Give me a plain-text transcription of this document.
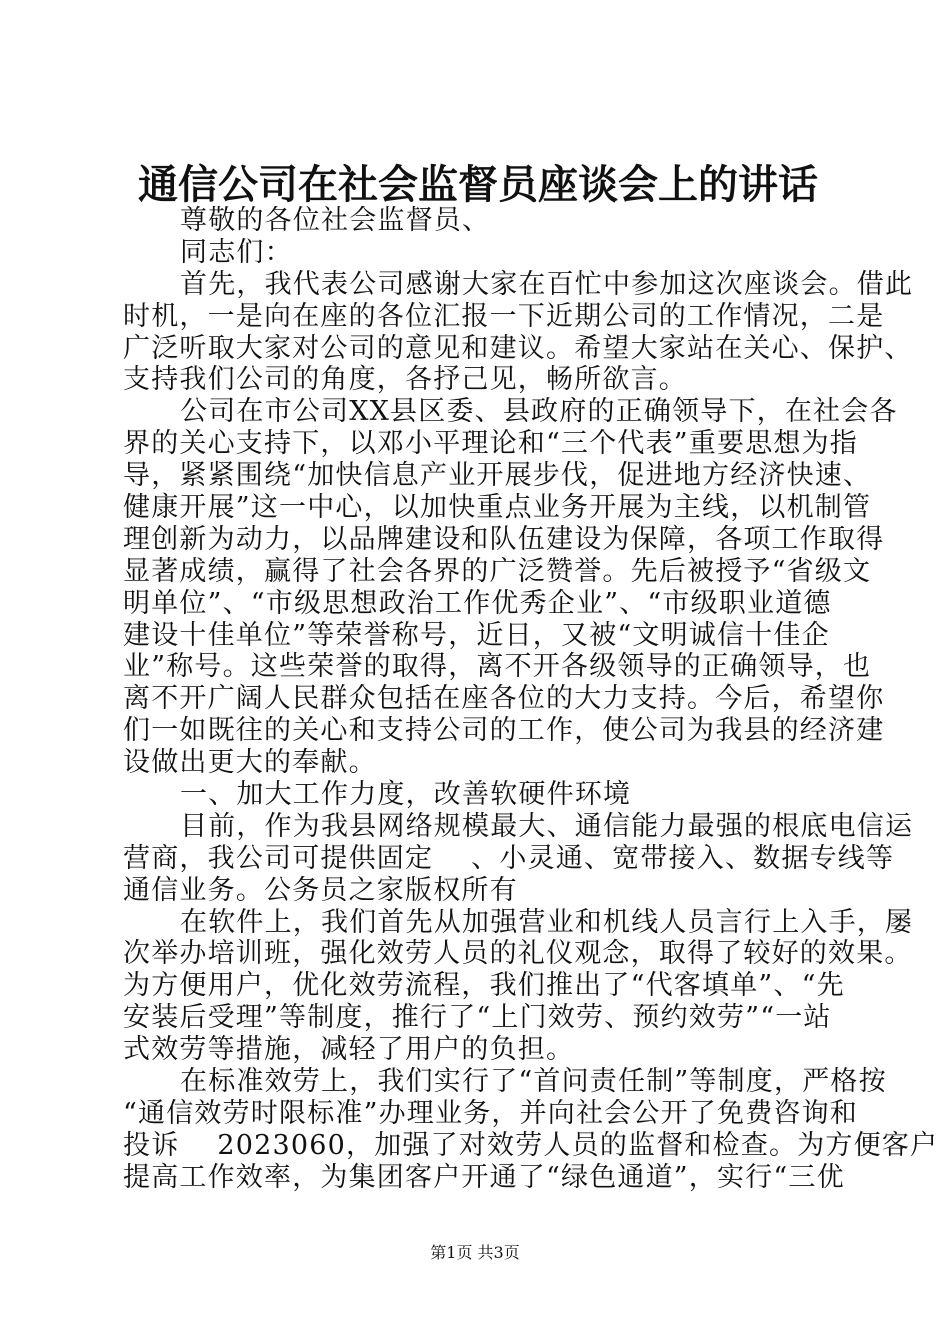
通信公司在社会监督员座谈会上的讲话
尊敬的各位社会监督员、
同志们：
首先，我代表公司感谢大家在百忙中参加这次座谈会。借此
时机，一是向在座的各位汇报一下近期公司的工作情况，二是
广泛听取大家对公司的意见和建议。希望大家站在关心、保护、
支持我们公司的角度，各抒己见，畅所欲言。
公司在市公司XX县区委、县政府的正确领导下，在社会各
界的关心支持下，以邓小平理论和“三个代表”重要思想为指
导，紧紧围绕“加快信息产业开展步伐，促进地方经济快速、
健康开展”这一中心，以加快重点业务开展为主线，以机制管
理创新为动力，以品牌建设和队伍建设为保障，各项工作取得
显著成绩，赢得了社会各界的广泛赞誉。先后被授予“省级文
明单位”、“市级思想政治工作优秀企业”、“市级职业道德
建设十佳单位”等荣誉称号，近日，又被“文明诚信十佳企
业”称号。这些荣誉的取得，离不开各级领导的正确领导，也
离不开广阔人民群众包括在座各位的大力支持。今后，希望你
们一如既往的关心和支持公司的工作，使公司为我县的经济建
设做出更大的奉献。
一、加大工作力度，改善软硬件环境
目前，作为我县网络规模最大、通信能力最强的根底电信运
营商，我公司可提供固定　 、小灵通、宽带接入、数据专线等
通信业务。公务员之家版权所有
在软件上，我们首先从加强营业和机线人员言行上入手，屡
次举办培训班，强化效劳人员的礼仪观念，取得了较好的效果。
为方便用户，优化效劳流程，我们推出了“代客填单”、“先
安装后受理”等制度，推行了“上门效劳、预约效劳”“一站
式效劳等措施，减轻了用户的负担。
在标准效劳上，我们实行了“首问责任制”等制度，严格按
“通信效劳时限标准”办理业务，并向社会公开了免费咨询和
投诉　 2023060，加强了对效劳人员的监督和检查。为方便客户
提高工作效率，为集团客户开通了“绿色通道”，实行“三优
第1页 共3页
